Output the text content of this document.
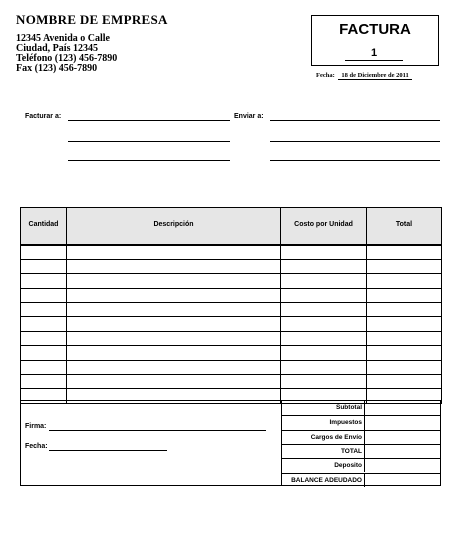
NOMBRE DE EMPRESA
12345 Avenida o Calle
Ciudad, País 12345
Teléfono (123) 456-7890
Fax (123) 456-7890
FACTURA
1
Fecha: 18 de Diciembre de 2011
Facturar a:	Enviar a:
Cantidad	Descripción	Costo por Unidad	Total

Subtotal
Impuestos
Cargos de Envío
TOTAL
Deposito
BALANCE ADEUDADO
Firma:
Fecha:
